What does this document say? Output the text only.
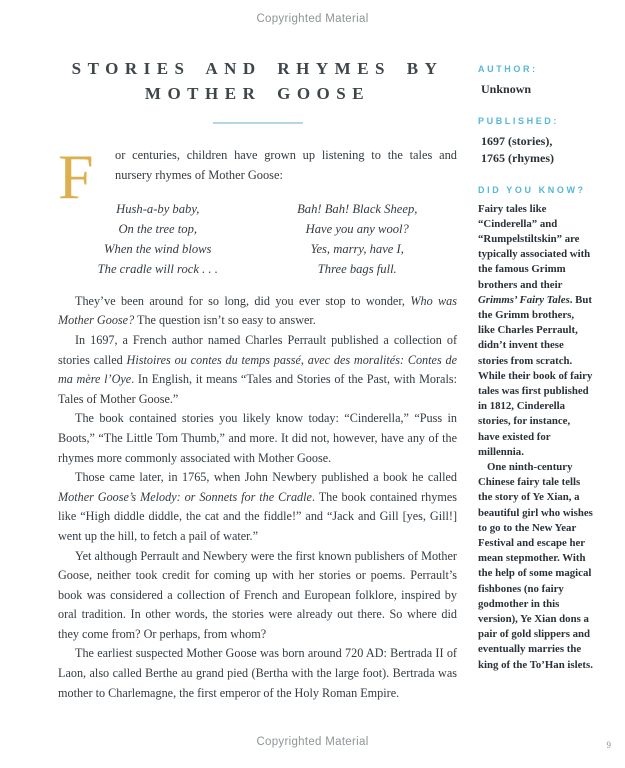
Copyrighted Material
STORIES AND RHYMES BY
MOTHER GOOSE
F	or centuries, children have grown up listening to the tales and nursery rhymes of Mother Goose:

Hush-a-by baby,
On the tree top,
When the wind blows
The cradle will rock . . .
Bah! Bah! Black Sheep,
Have you any wool?
Yes, marry, have I,
Three bags full.

They’ve been around for so long, did you ever stop to wonder, Who was Mother Goose? The question isn’t so easy to answer.

In 1697, a French author named Charles Perrault published a collection of stories called Histoires ou contes du temps passé, avec des moralités: Contes de ma mère l’Oye. In English, it means “Tales and Stories of the Past, with Morals: Tales of Mother Goose.”

The book contained stories you likely know today: “Cinderella,” “Puss in Boots,” “The Little Tom Thumb,” and more. It did not, however, have any of the rhymes more commonly associated with Mother Goose.

Those came later, in 1765, when John Newbery published a book he called Mother Goose’s Melody: or Sonnets for the Cradle. The book contained rhymes like “High diddle diddle, the cat and the fiddle!” and “Jack and Gill [yes, Gill!] went up the hill, to fetch a pail of water.”

Yet although Perrault and Newbery were the first known publishers of Mother Goose, neither took credit for coming up with her stories or poems. Perrault’s book was considered a collection of French and European folklore, inspired by oral tradition. In other words, the stories were already out there. So where did they come from? Or perhaps, from whom?

The earliest suspected Mother Goose was born around 720 AD: Bertrada II of Laon, also called Berthe au grand pied (Bertha with the large foot). Bertrada was mother to Charlemagne, the first emperor of the Holy Roman Empire.

AUTHOR:
Unknown
PUBLISHED:
1697 (stories),
1765 (rhymes)
DID YOU KNOW?

Fairy tales like “Cinderella” and “Rumpelstiltskin” are typically associated with the famous Grimm brothers and their Grimms’ Fairy Tales. But the Grimm brothers, like Charles Perrault, didn’t invent these stories from scratch. While their book of fairy tales was first published in 1812, Cinderella stories, for instance, have existed for millennia.

One ninth-century Chinese fairy tale tells the story of Ye Xian, a beautiful girl who wishes to go to the New Year Festival and escape her mean stepmother. With the help of some magical fishbones (no fairy godmother in this version), Ye Xian dons a pair of gold slippers and eventually marries the king of the To’Han islets.

Copyrighted Material	9
